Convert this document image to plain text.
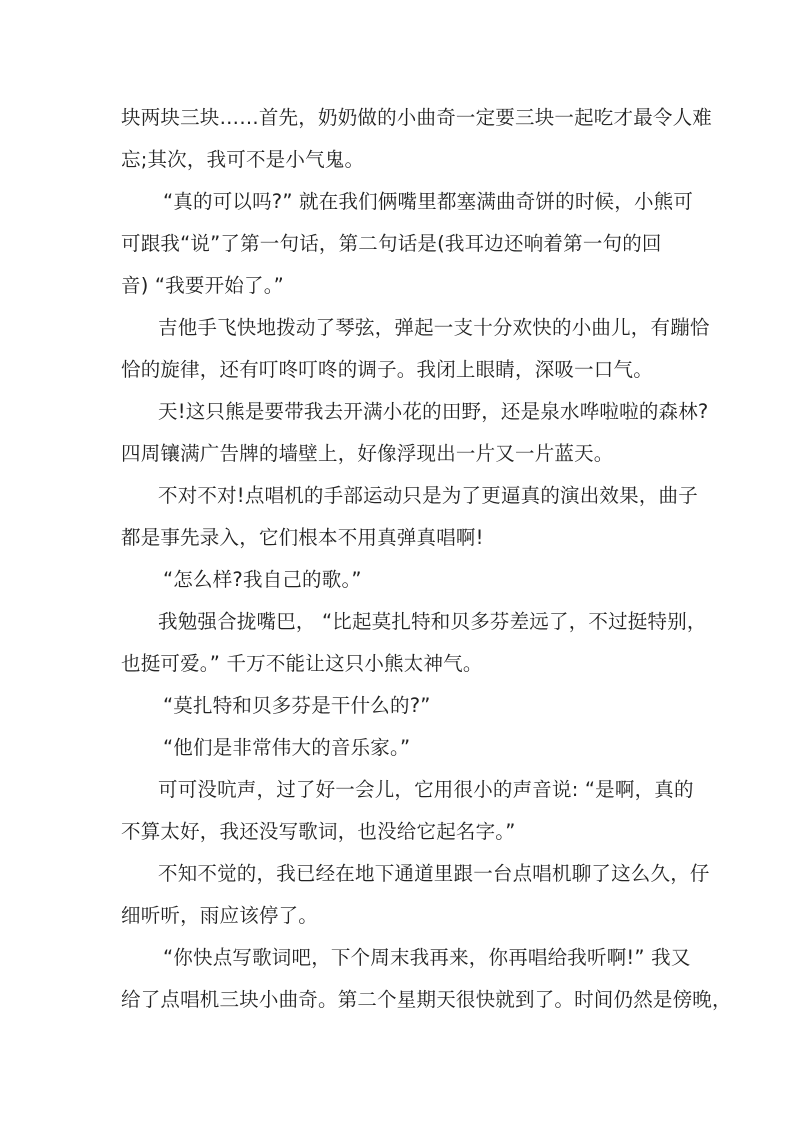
块两块三块……首先，奶奶做的小曲奇一定要三块一起吃才最令人难
忘;其次，我可不是小气鬼。
“真的可以吗?” 就在我们俩嘴里都塞满曲奇饼的时候，小熊可
可跟我“说”了第一句话，第二句话是(我耳边还响着第一句的回
音) “我要开始了。”
吉他手飞快地拨动了琴弦，弹起一支十分欢快的小曲儿，有蹦恰
恰的旋律，还有叮咚叮咚的调子。我闭上眼睛，深吸一口气。
天!这只熊是要带我去开满小花的田野，还是泉水哗啦啦的森林?
四周镶满广告牌的墙壁上，好像浮现出一片又一片蓝天。
不对不对!点唱机的手部运动只是为了更逼真的演出效果，曲子
都是事先录入，它们根本不用真弹真唱啊!
“怎么样?我自己的歌。”
我勉强合拢嘴巴， “比起莫扎特和贝多芬差远了，不过挺特别，
也挺可爱。” 千万不能让这只小熊太神气。
“莫扎特和贝多芬是干什么的?”
“他们是非常伟大的音乐家。”
可可没吭声，过了好一会儿，它用很小的声音说: “是啊，真的
不算太好，我还没写歌词，也没给它起名字。”
不知不觉的，我已经在地下通道里跟一台点唱机聊了这么久，仔
细听听，雨应该停了。
“你快点写歌词吧，下个周末我再来，你再唱给我听啊!” 我又
给了点唱机三块小曲奇。第二个星期天很快就到了。时间仍然是傍晚，
